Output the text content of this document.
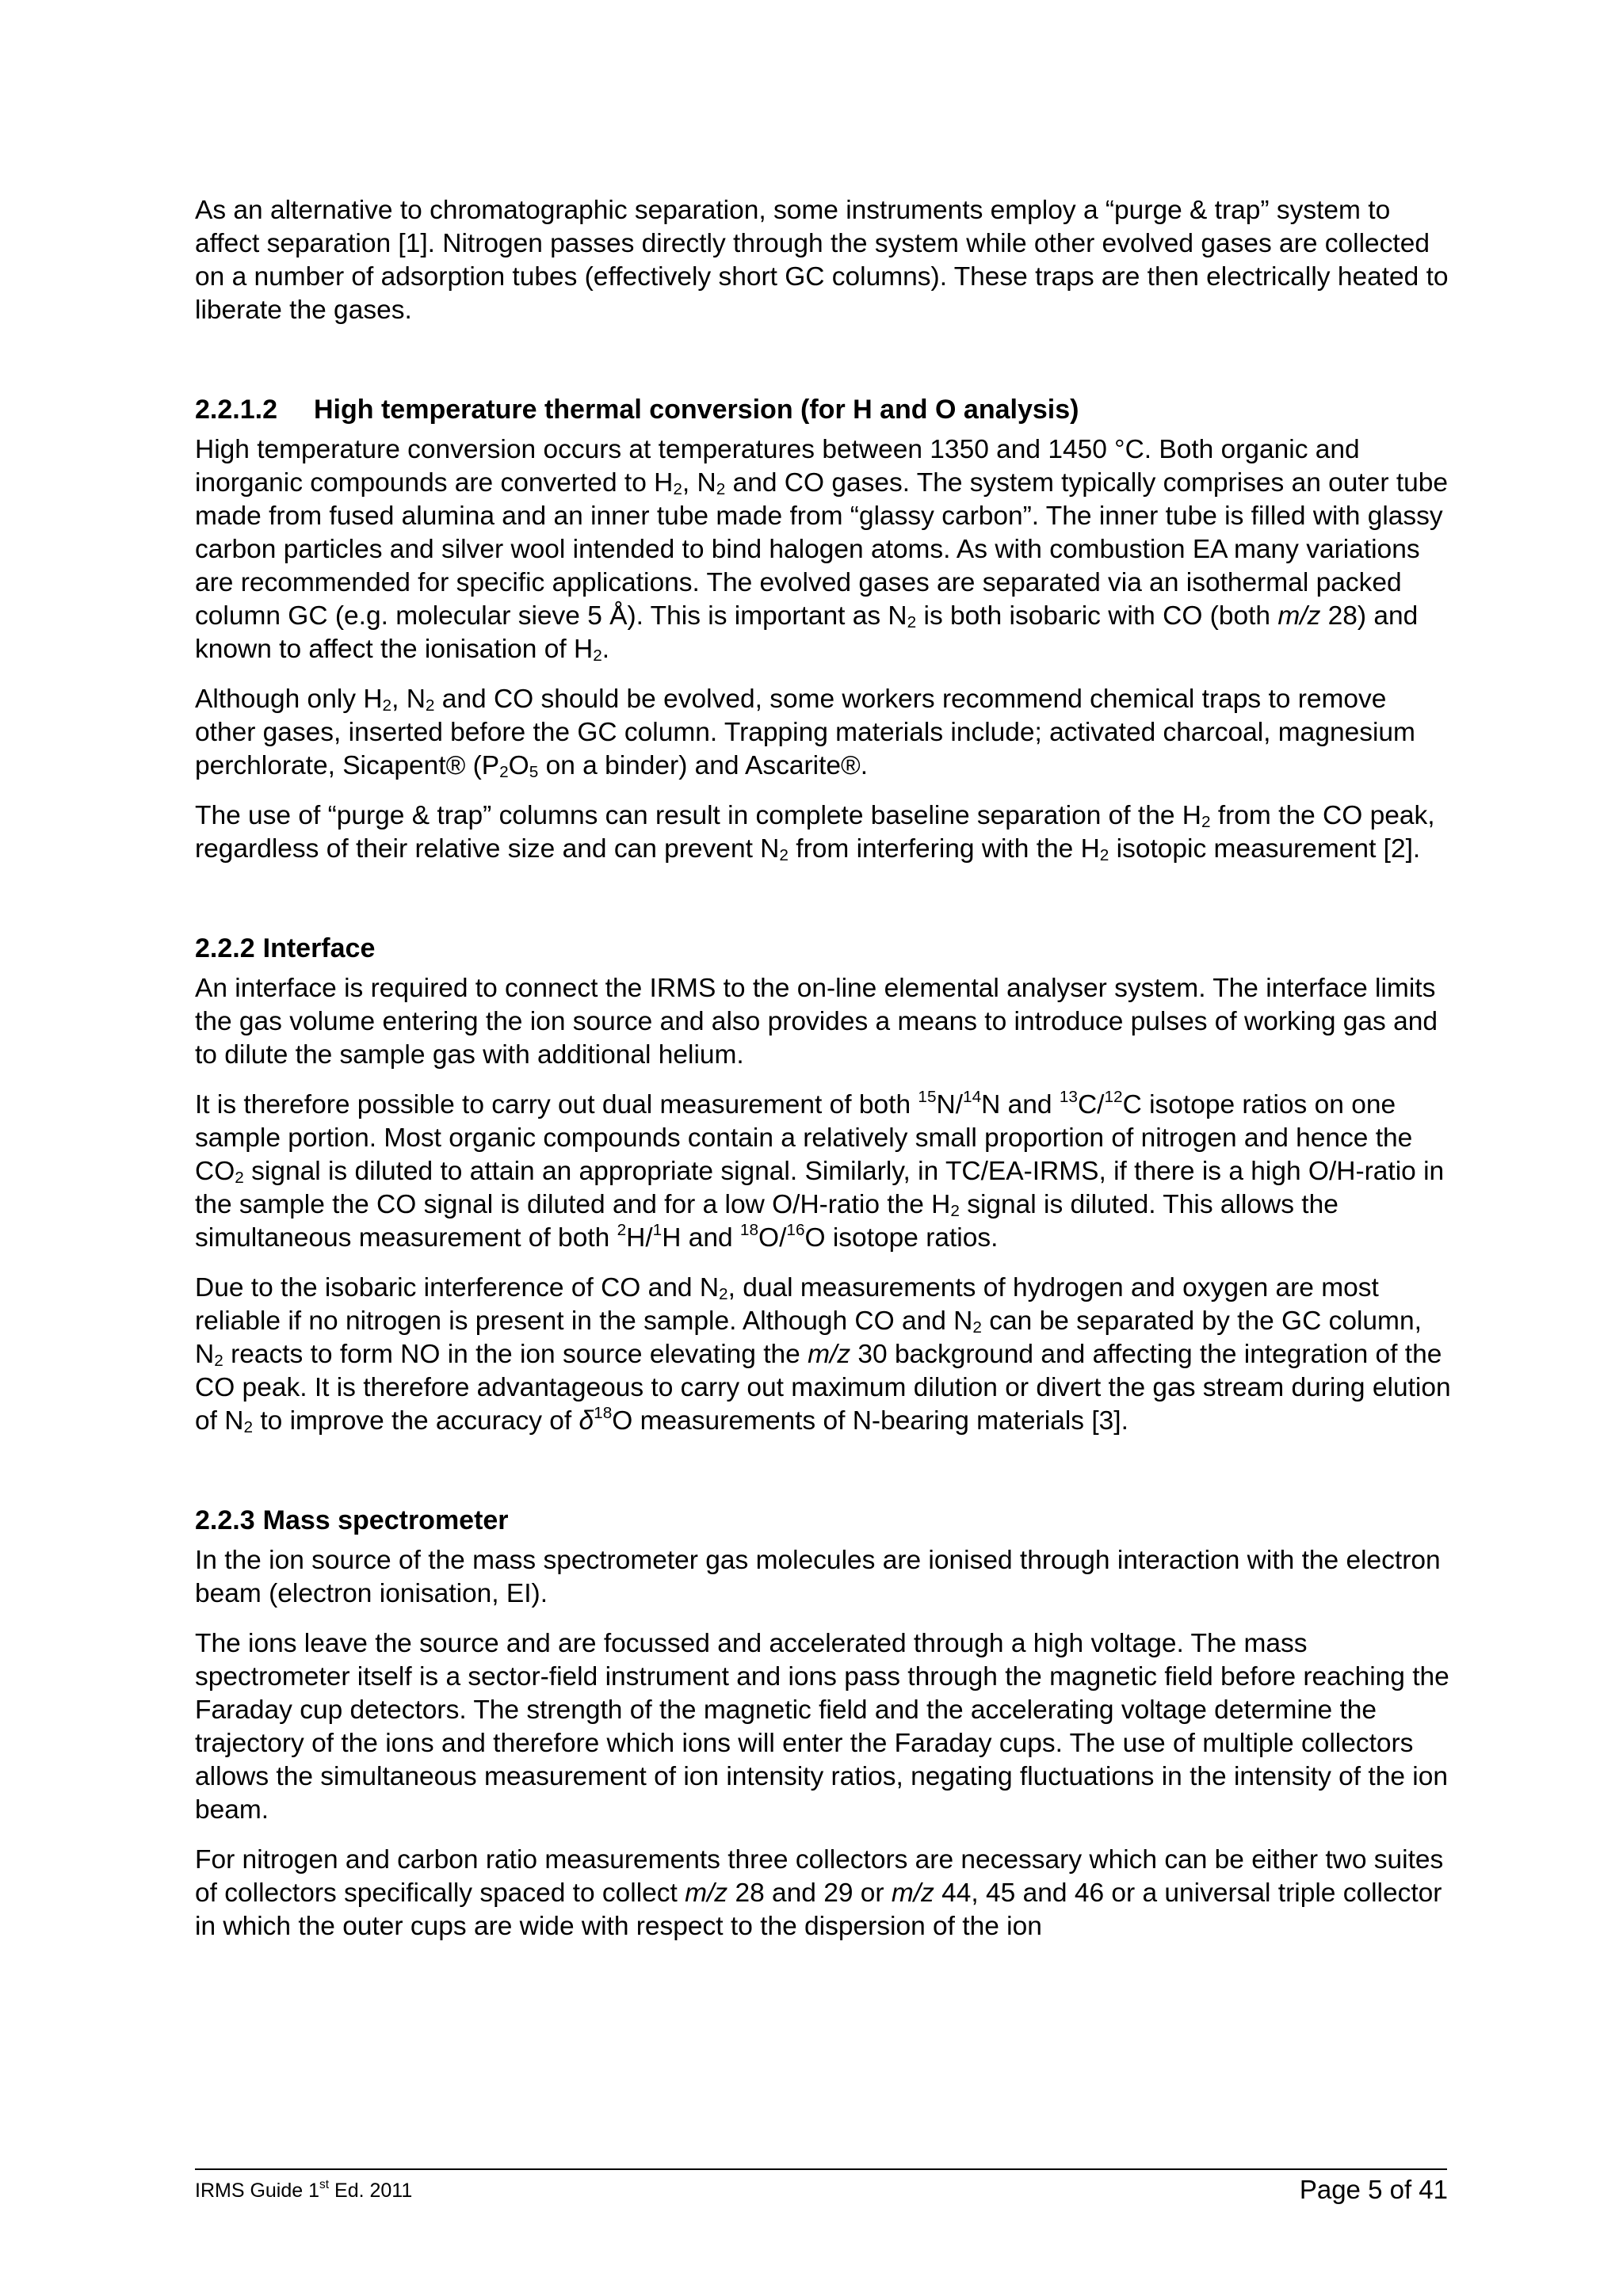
As an alternative to chromatographic separation, some instruments employ a “purge & trap” system to affect separation [1]. Nitrogen passes directly through the system while other evolved gases are collected on a number of adsorption tubes (effectively short GC columns). These traps are then electrically heated to liberate the gases.

2.2.1.2 High temperature thermal conversion (for H and O analysis)

High temperature conversion occurs at temperatures between 1350 and 1450 °C. Both organic and inorganic compounds are converted to $H_2$, $N_2$ and CO gases. The system typically comprises an outer tube made from fused alumina and an inner tube made from “glassy carbon”. The inner tube is filled with glassy carbon particles and silver wool intended to bind halogen atoms. As with combustion EA many variations are recommended for specific applications. The evolved gases are separated via an isothermal packed column GC (e.g. molecular sieve 5 Å). This is important as $N_2$ is both isobaric with CO (both m/z 28) and known to affect the ionisation of $H_2$.

Although only $H_2$, $N_2$ and CO should be evolved, some workers recommend chemical traps to remove other gases, inserted before the GC column. Trapping materials include; activated charcoal, magnesium perchlorate, Sicapent® ($P_2O_5$ on a binder) and Ascarite®.

The use of “purge & trap” columns can result in complete baseline separation of the $H_2$ from the CO peak, regardless of their relative size and can prevent $N_2$ from interfering with the $H_2$ isotopic measurement [2].

2.2.2 Interface

An interface is required to connect the IRMS to the on-line elemental analyser system. The interface limits the gas volume entering the ion source and also provides a means to introduce pulses of working gas and to dilute the sample gas with additional helium.

It is therefore possible to carry out dual measurement of both $^{15}$N/$^{14}$N and $^{13}$C/$^{12}$C isotope ratios on one sample portion. Most organic compounds contain a relatively small proportion of nitrogen and hence the $CO_2$ signal is diluted to attain an appropriate signal. Similarly, in TC/EA-IRMS, if there is a high O/H-ratio in the sample the CO signal is diluted and for a low O/H-ratio the $H_2$ signal is diluted. This allows the simultaneous measurement of both $^2$H/$^1$H and $^{18}$O/$^{16}$O isotope ratios.

Due to the isobaric interference of CO and $N_2$, dual measurements of hydrogen and oxygen are most reliable if no nitrogen is present in the sample. Although CO and $N_2$ can be separated by the GC column, $N_2$ reacts to form NO in the ion source elevating the m/z 30 background and affecting the integration of the CO peak. It is therefore advantageous to carry out maximum dilution or divert the gas stream during elution of $N_2$ to improve the accuracy of $\delta^{18}O$ measurements of N-bearing materials [3].

2.2.3 Mass spectrometer

In the ion source of the mass spectrometer gas molecules are ionised through interaction with the electron beam (electron ionisation, EI).

The ions leave the source and are focussed and accelerated through a high voltage. The mass spectrometer itself is a sector-field instrument and ions pass through the magnetic field before reaching the Faraday cup detectors. The strength of the magnetic field and the accelerating voltage determine the trajectory of the ions and therefore which ions will enter the Faraday cups. The use of multiple collectors allows the simultaneous measurement of ion intensity ratios, negating fluctuations in the intensity of the ion beam.

For nitrogen and carbon ratio measurements three collectors are necessary which can be either two suites of collectors specifically spaced to collect m/z 28 and 29 or m/z 44, 45 and 46 or a universal triple collector in which the outer cups are wide with respect to the dispersion of the ion

IRMS Guide 1st Ed. 2011	Page 5 of 41
